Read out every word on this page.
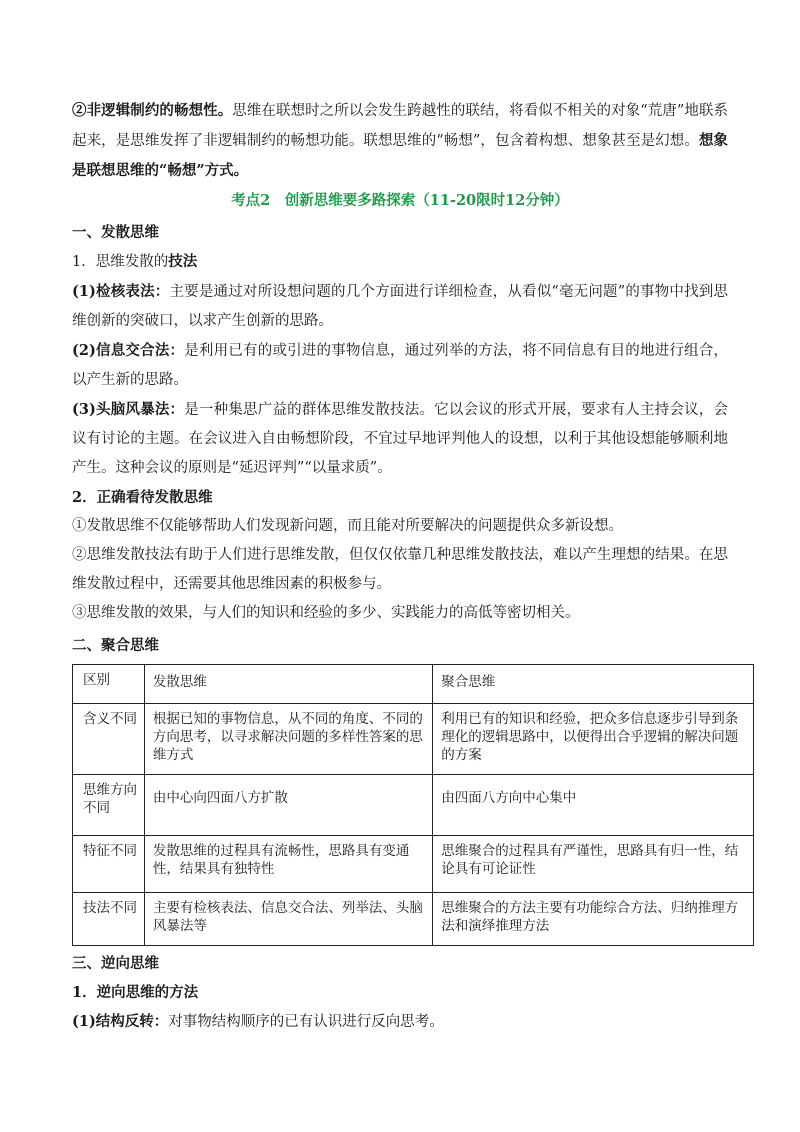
②非逻辑制约的畅想性。思维在联想时之所以会发生跨越性的联结，将看似不相关的对象“荒唐”地联系起来，是思维发挥了非逻辑制约的畅想功能。联想思维的“畅想”，包含着构想、想象甚至是幻想。想象是联想思维的“畅想”方式。

考点2　创新思维要多路探索（11-20限时12分钟）

一、发散思维

1．思维发散的技法

(1)检核表法：主要是通过对所设想问题的几个方面进行详细检查，从看似“毫无问题”的事物中找到思维创新的突破口，以求产生创新的思路。

(2)信息交合法：是利用已有的或引进的事物信息，通过列举的方法，将不同信息有目的地进行组合，以产生新的思路。

(3)头脑风暴法：是一种集思广益的群体思维发散技法。它以会议的形式开展，要求有人主持会议，会议有讨论的主题。在会议进入自由畅想阶段，不宜过早地评判他人的设想，以利于其他设想能够顺利地产生。这种会议的原则是“延迟评判”“以量求质”。

2．正确看待发散思维

①发散思维不仅能够帮助人们发现新问题，而且能对所要解决的问题提供众多新设想。

②思维发散技法有助于人们进行思维发散，但仅仅依靠几种思维发散技法，难以产生理想的结果。在思维发散过程中，还需要其他思维因素的积极参与。

③思维发散的效果，与人们的知识和经验的多少、实践能力的高低等密切相关。

二、聚合思维

区别	发散思维	聚合思维
含义不同	根据已知的事物信息，从不同的角度、不同的方向思考，以寻求解决问题的多样性答案的思维方式	利用已有的知识和经验，把众多信息逐步引导到条理化的逻辑思路中，以便得出合乎逻辑的解决问题的方案
思维方向不同	由中心向四面八方扩散	由四面八方向中心集中
特征不同	发散思维的过程具有流畅性，思路具有变通性，结果具有独特性	思维聚合的过程具有严谨性，思路具有归一性，结论具有可论证性
技法不同	主要有检核表法、信息交合法、列举法、头脑风暴法等	思维聚合的方法主要有功能综合方法、归纳推理方法和演绎推理方法

三、逆向思维

1．逆向思维的方法

(1)结构反转：对事物结构顺序的已有认识进行反向思考。
